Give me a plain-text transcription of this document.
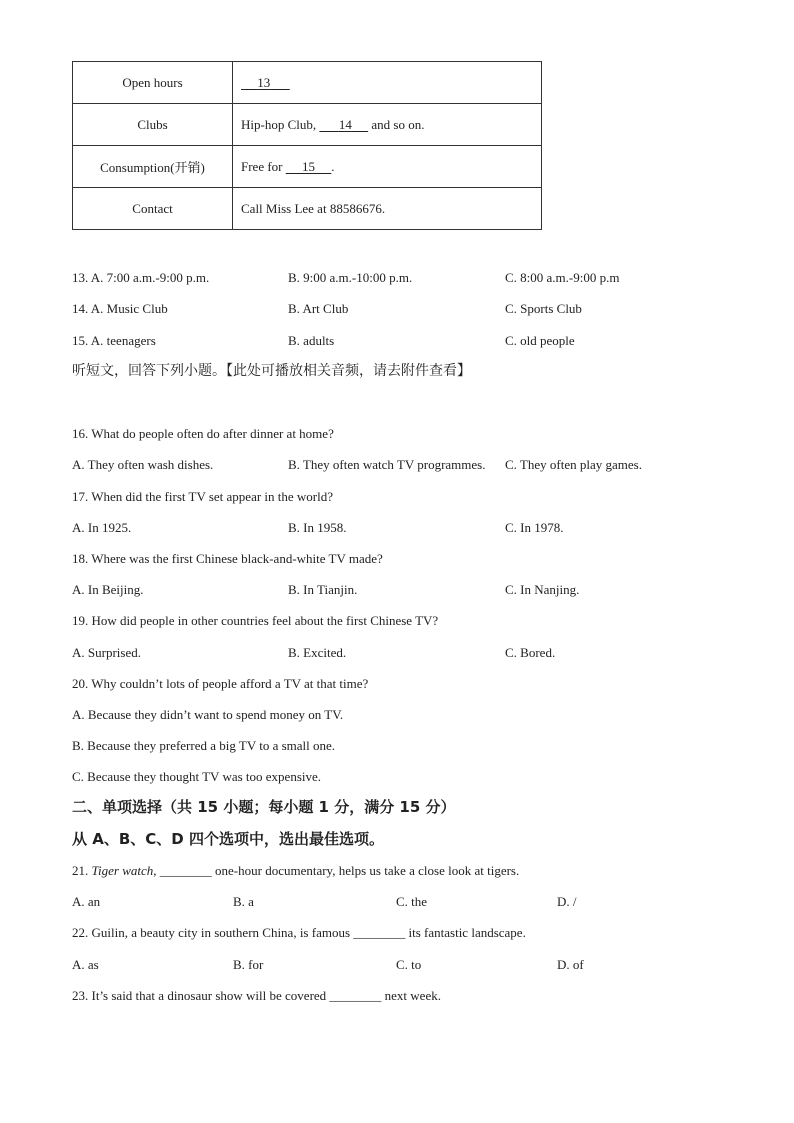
Open hours	13
Clubs	Hip-hop Club,       14      and so on.
Consumption(开销)	Free for      15 .
Contact	Call Miss Lee at 88586676.
13. A. 7:00 a.m.-9:00 p.m.	B. 9:00 a.m.-10:00 p.m.	C. 8:00 a.m.-9:00 p.m
14. A. Music Club	B. Art Club	C. Sports Club
15. A. teenagers	B. adults	C. old people
听短文，回答下列小题。【此处可播放相关音频，请去附件查看】
16. What do people often do after dinner at home?
A. They often wash dishes.	B. They often watch TV programmes. C. They often play games.
17. When did the first TV set appear in the world?
A. In 1925.	B. In 1958.	C. In 1978.
18. Where was the first Chinese black-and-white TV made?
A. In Beijing.	B. In Tianjin.	C. In Nanjing.
19. How did people in other countries feel about the first Chinese TV?
A. Surprised.	B. Excited.	C. Bored.
20. Why couldn’t lots of people afford a TV at that time?
A. Because they didn’t want to spend money on TV.
B. Because they preferred a big TV to a small one.
C. Because they thought TV was too expensive.
二、单项选择（共 15 小题；每小题 1 分，满分 15 分）
从 A、B、C、D 四个选项中，选出最佳选项。
21. Tiger watch, ________ one-hour documentary, helps us take a close look at tigers.
A. an	B. a	C. the	D. /
22. Guilin, a beauty city in southern China, is famous ________ its fantastic landscape.
A. as	B. for	C. to	D. of
23. It’s said that a dinosaur show will be covered ________ next week.
